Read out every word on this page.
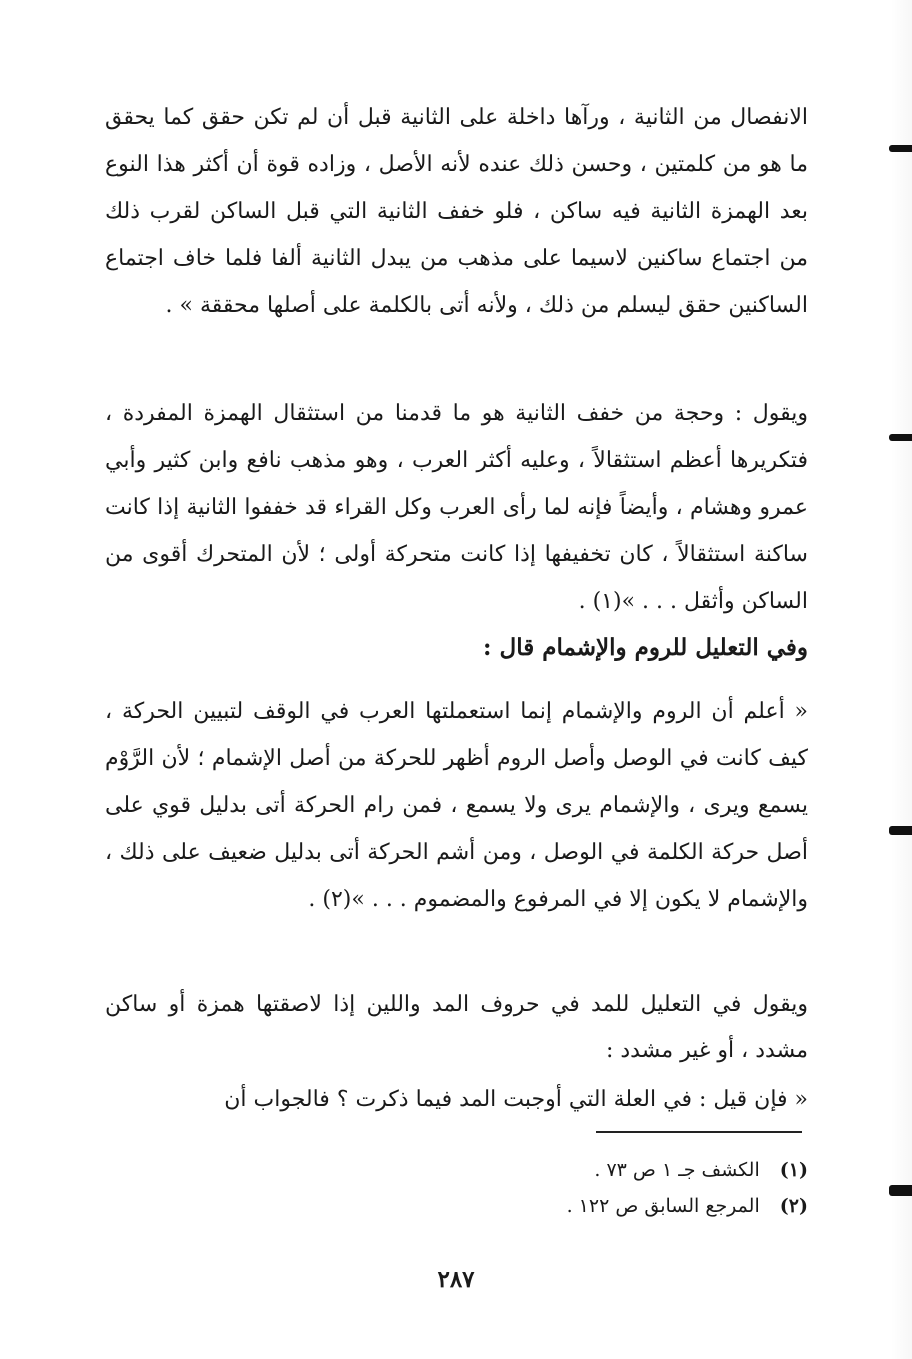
الانفصال من الثانية ، ورآها داخلة على الثانية قبل أن لم تكن حقق كما يحقق ما هو من كلمتين ، وحسن ذلك عنده لأنه الأصل ، وزاده قوة أن أكثر هذا النوع بعد الهمزة الثانية فيه ساكن ، فلو خفف الثانية التي قبل الساكن لقرب ذلك من اجتماع ساكنين لاسيما على مذهب من يبدل الثانية ألفا فلما خاف اجتماع الساكنين حقق ليسلم من ذلك ، ولأنه أتى بالكلمة على أصلها محققة » .

ويقول : وحجة من خفف الثانية هو ما قدمنا من استثقال الهمزة المفردة ، فتكريرها أعظم استثقالاً ، وعليه أكثر العرب ، وهو مذهب نافع وابن كثير وأبي عمرو وهشام ، وأيضاً فإنه لما رأى العرب وكل القراء قد خففوا الثانية إذا كانت ساكنة استثقالاً ، كان تخفيفها إذا كانت متحركة أولى ؛ لأن المتحرك أقوى من الساكن وأثقل . . . »(١) .

وفي التعليل للروم والإشمام قال :

« أعلم أن الروم والإشمام إنما استعملتها العرب في الوقف لتبيين الحركة ، كيف كانت في الوصل وأصل الروم أظهر للحركة من أصل الإشمام ؛ لأن الرَّوْم يسمع ويرى ، والإشمام يرى ولا يسمع ، فمن رام الحركة أتى بدليل قوي على أصل حركة الكلمة في الوصل ، ومن أشم الحركة أتى بدليل ضعيف على ذلك ، والإشمام لا يكون إلا في المرفوع والمضموم . . . »(٢) .

ويقول في التعليل للمد في حروف المد واللين إذا لاصقتها همزة أو ساكن مشدد ، أو غير مشدد :

« فإن قيل : في العلة التي أوجبت المد فيما ذكرت ؟ فالجواب أن

(١) الكشف جـ ١ ص ٧٣ .
(٢) المرجع السابق ص ١٢٢ .
٢٨٧
